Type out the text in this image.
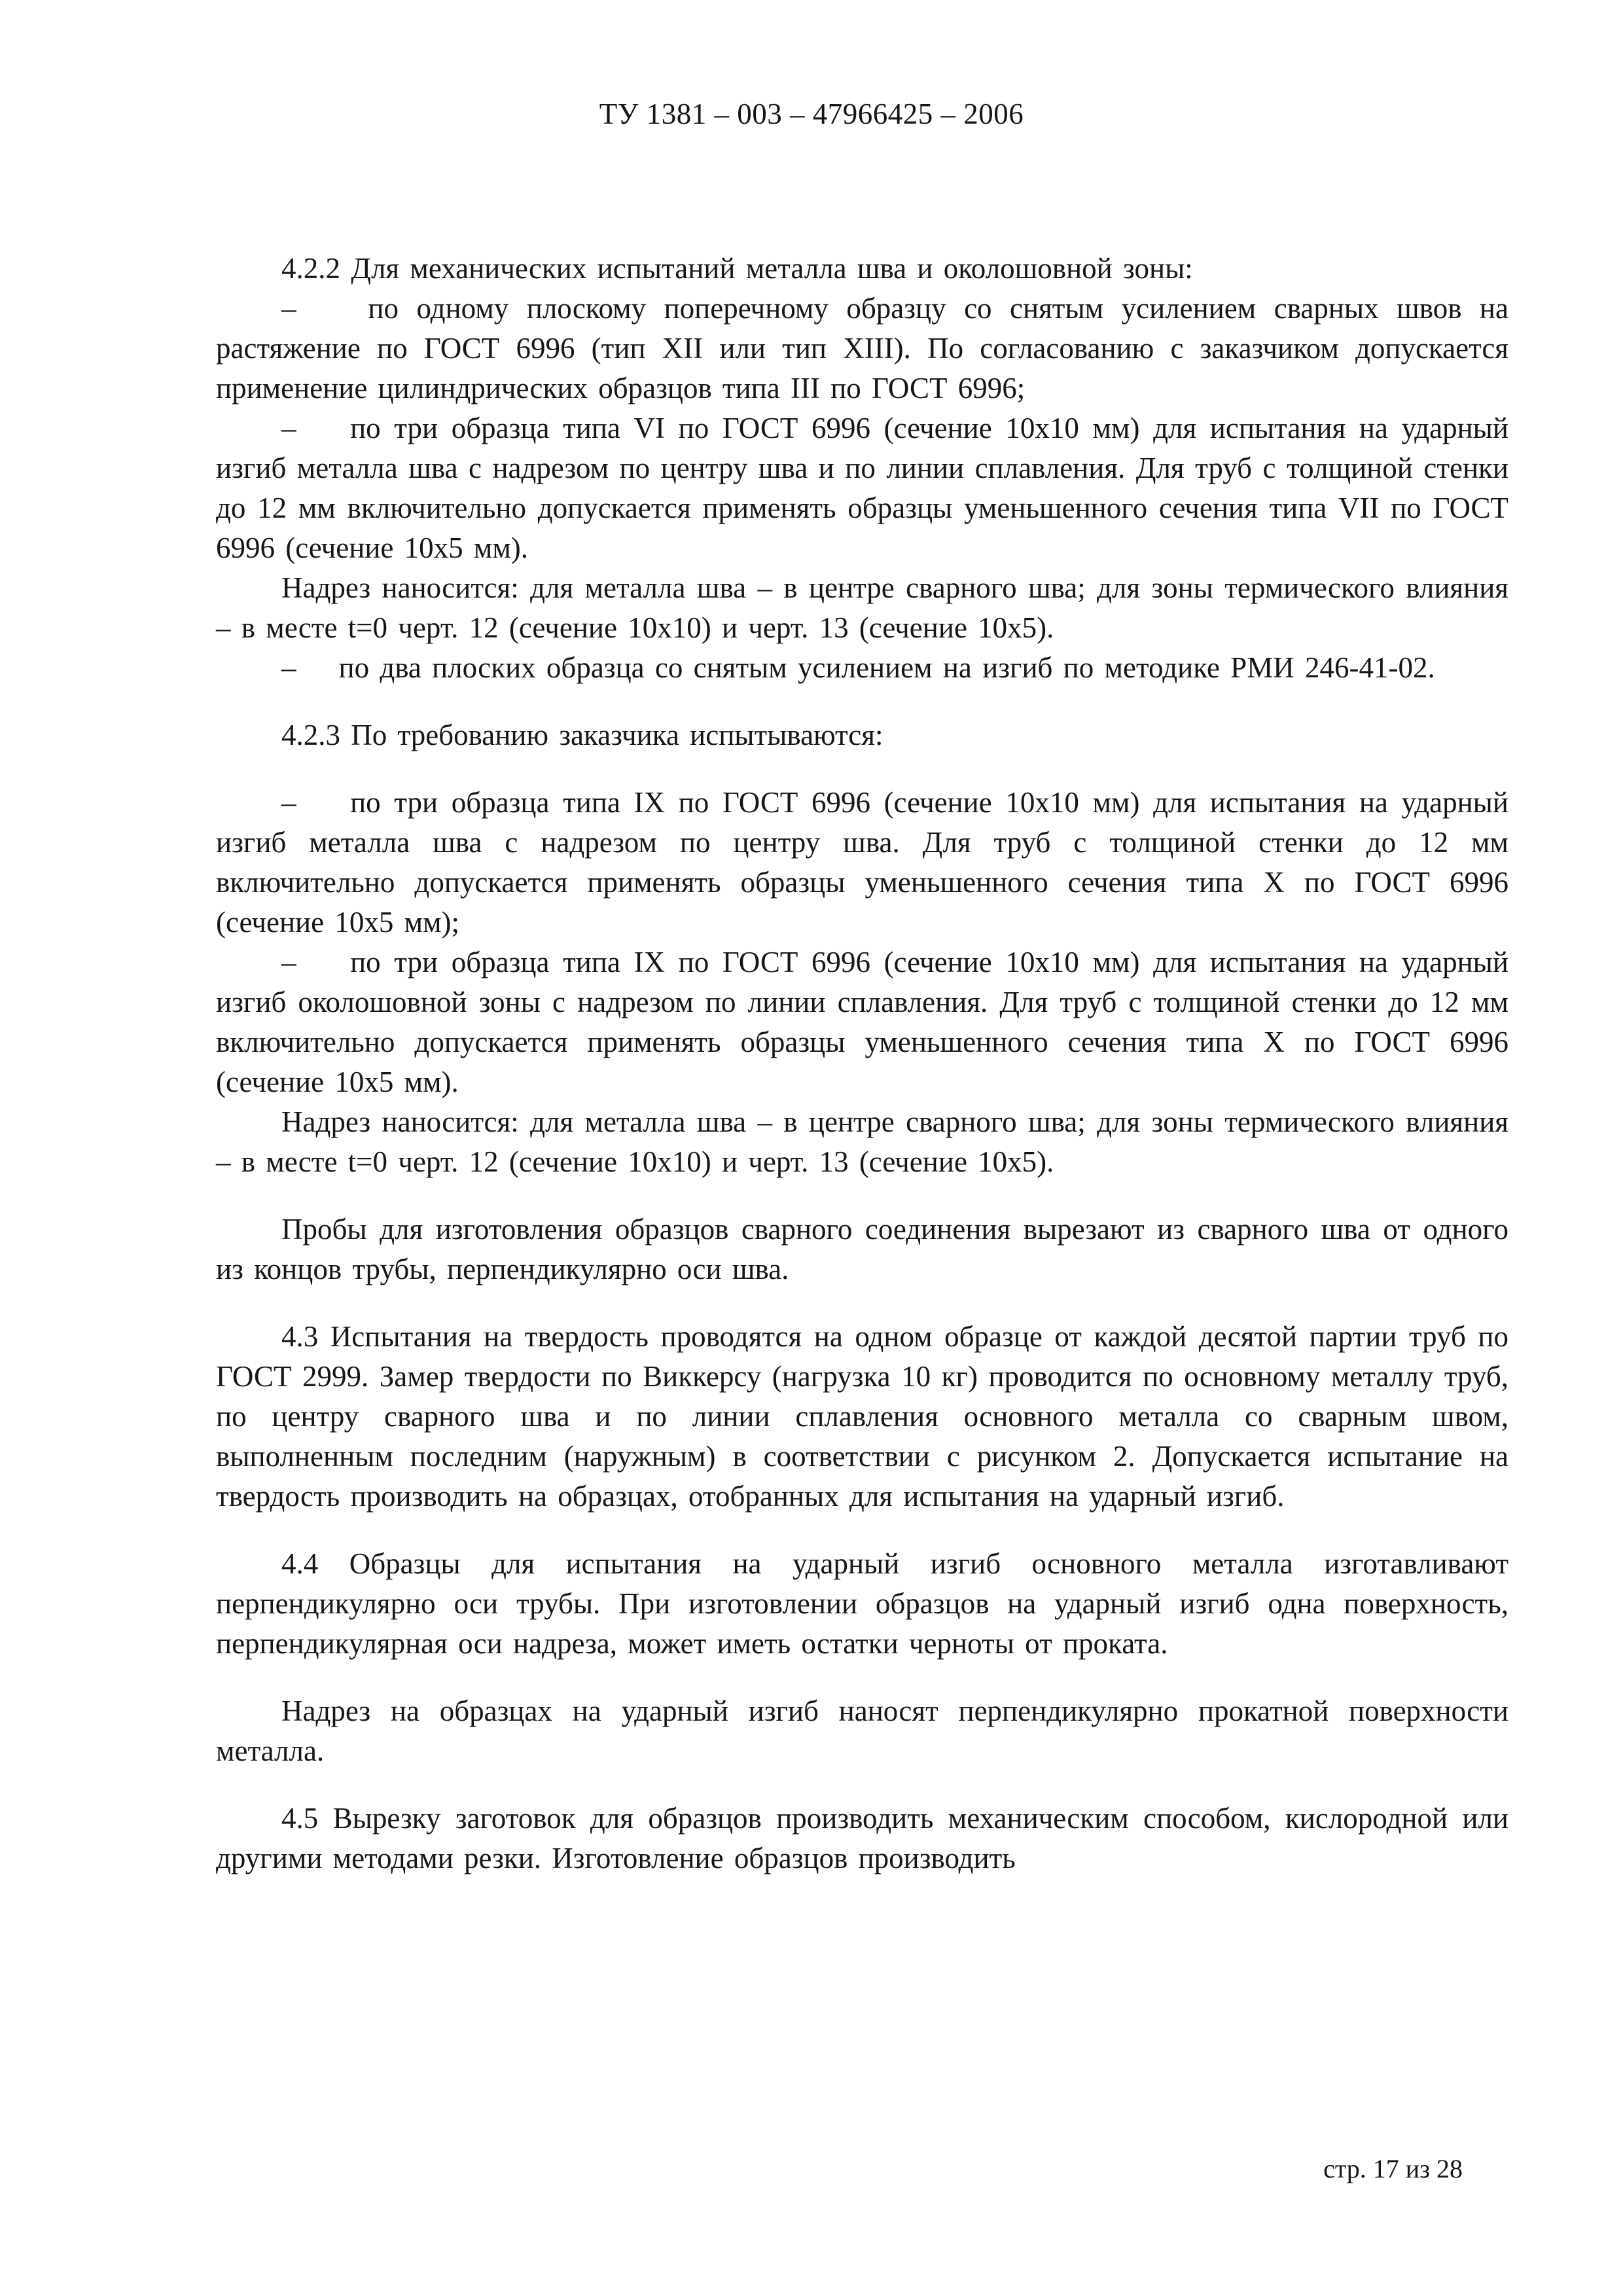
ТУ 1381 – 003 – 47966425 – 2006

4.2.2 Для механических испытаний металла шва и околошовной зоны:

–    по одному плоскому поперечному образцу со снятым усилением сварных швов на растяжение по ГОСТ 6996 (тип XII или тип XIII). По согласованию с заказчиком допускается применение цилиндрических образцов типа III по ГОСТ 6996;

–    по три образца типа VI по ГОСТ 6996 (сечение 10х10 мм) для испытания на ударный изгиб металла шва с надрезом по центру шва и по линии сплавления. Для труб с толщиной стенки до 12 мм включительно допускается применять образцы уменьшенного сечения типа VII по ГОСТ 6996 (сечение 10х5 мм).

Надрез наносится: для металла шва – в центре сварного шва; для зоны термического влияния – в месте t=0 черт. 12 (сечение 10х10) и черт. 13 (сечение 10х5).

–    по два плоских образца со снятым усилением на изгиб по методике РМИ 246-41-02.

4.2.3 По требованию заказчика испытываются:

–    по три образца типа IX по ГОСТ 6996 (сечение 10х10 мм) для испытания на ударный изгиб металла шва с надрезом по центру шва. Для труб с толщиной стенки до 12 мм включительно допускается применять образцы уменьшенного сечения типа X по ГОСТ 6996 (сечение 10х5 мм);

–    по три образца типа IX по ГОСТ 6996 (сечение 10х10 мм) для испытания на ударный изгиб околошовной зоны с надрезом по линии сплавления. Для труб с толщиной стенки до 12 мм включительно допускается применять образцы уменьшенного сечения типа X по ГОСТ 6996 (сечение 10х5 мм).

Надрез наносится: для металла шва – в центре сварного шва; для зоны термического влияния – в месте t=0 черт. 12 (сечение 10х10) и черт. 13 (сечение 10х5).

Пробы для изготовления образцов сварного соединения вырезают из сварного шва от одного из концов трубы, перпендикулярно оси шва.

4.3 Испытания на твердость проводятся на одном образце от каждой десятой партии труб по ГОСТ 2999. Замер твердости по Виккерсу (нагрузка 10 кг) проводится по основному металлу труб, по центру сварного шва и по линии сплавления основного металла со сварным швом, выполненным последним (наружным) в соответствии с рисунком 2. Допускается испытание на твердость производить на образцах, отобранных для испытания на ударный изгиб.

4.4 Образцы для испытания на ударный изгиб основного металла изготавливают перпендикулярно оси трубы. При изготовлении образцов на ударный изгиб одна поверхность, перпендикулярная оси надреза, может иметь остатки черноты от проката.

Надрез на образцах на ударный изгиб наносят перпендикулярно прокатной поверхности металла.

4.5 Вырезку заготовок для образцов производить механическим способом, кислородной или другими методами резки. Изготовление образцов производить

стр. 17 из 28
